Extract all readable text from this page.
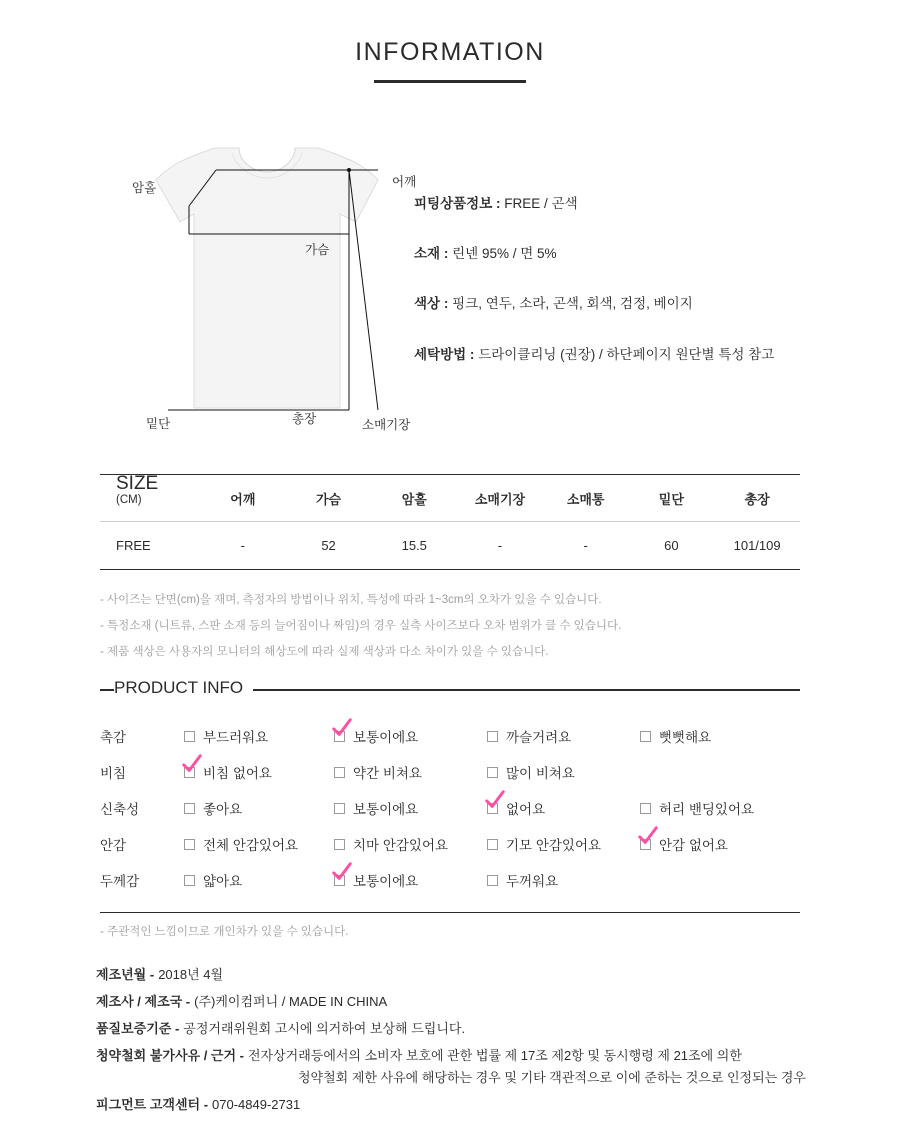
INFORMATION
암홀	어깨
가슴
밑단	총장	소매기장
피팅상품정보 : FREE / 곤색
소재 : 린넨 95% / 면 5%
색상 : 핑크, 연두, 소라, 곤색, 회색, 검정, 베이지
세탁방법 : 드라이클리닝 (권장) / 하단페이지 원단별 특성 참고
SIZE
(CM)
		어깨	가슴	암홀	소매기장	소매통	밑단	총장
FREE	-	52	15.5	-	-	60	101/109
- 사이즈는 단면(cm)을 재며, 측정자의 방법이나 위치, 특성에 따라 1~3cm의 오차가 있을 수 있습니다.
- 특정소재 (니트류, 스판 소재 등의 늘어짐이나 짜임)의 경우 실측 사이즈보다 오차 범위가 클 수 있습니다.
- 제품 색상은 사용자의 모니터의 해상도에 따라 실제 색상과 다소 차이가 있을 수 있습니다.
PRODUCT INFO
촉감	부드러워요	보통이에요	까슬거려요	뻣뻣해요
비침	비침 없어요	약간 비쳐요	많이 비쳐요
신축성	좋아요	보통이에요	없어요	허리 밴딩있어요
안감	전체 안감있어요	치마 안감있어요	기모 안감있어요	안감 없어요
두께감	얇아요	보통이에요	두꺼워요
- 주관적인 느낌이므로 개인차가 있을 수 있습니다.
제조년월 - 2018년 4월
제조사 / 제조국 - (주)케이컴퍼니 / MADE IN CHINA
품질보증기준 - 공정거래위원회 고시에 의거하여 보상해 드립니다.
청약철회 불가사유 / 근거 - 전자상거래등에서의 소비자 보호에 관한 법률 제 17조 제2항 및 동시행령 제 21조에 의한
청약철회 제한 사유에 해당하는 경우 및 기타 객관적으로 이에 준하는 것으로 인정되는 경우
피그먼트 고객센터 - 070-4849-2731
